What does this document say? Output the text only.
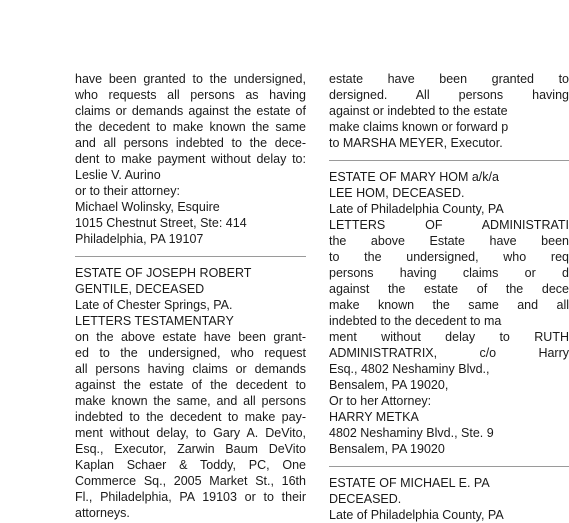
have been granted to the undersigned,
who requests all persons as having
claims or demands against the estate of
the decedent to make known the same
and all persons indebted to the dece-
dent to make payment without delay to:
Leslie V. Aurino
or to their attorney:
Michael Wolinsky, Esquire
1015 Chestnut Street, Ste: 414
Philadelphia, PA 19107
ESTATE OF JOSEPH ROBERT
GENTILE, DECEASED
Late of Chester Springs, PA.
LETTERS TESTAMENTARY
on the above estate have been grant-
ed to the undersigned, who request
all persons having claims or demands
against the estate of the decedent to
make known the same, and all persons
indebted to the decedent to make pay-
ment without delay, to Gary A. DeVito,
Esq., Executor, Zarwin Baum DeVito
Kaplan Schaer & Toddy, PC, One
Commerce Sq., 2005 Market St., 16th
Fl., Philadelphia, PA 19103 or to their
attorneys.
estate have been granted to
dersigned. All persons having
against or indebted to the estate
make claims known or forward p
to MARSHA MEYER, Executor.
ESTATE OF MARY HOM a/k/a
LEE HOM, DECEASED.
Late of Philadelphia County, PA
LETTERS OF ADMINISTRATI
the above Estate have been
to the undersigned, who req
persons having claims or d
against the estate of the dece
make known the same and all
indebted to the decedent to ma
ment without delay to RUTH
ADMINISTRATRIX, c/o Harry
Esq., 4802 Neshaminy Blvd.,
Bensalem, PA 19020,
Or to her Attorney:
HARRY METKA
4802 Neshaminy Blvd., Ste. 9
Bensalem, PA 19020
ESTATE OF MICHAEL E. PA
DECEASED.
Late of Philadelphia County, PA
